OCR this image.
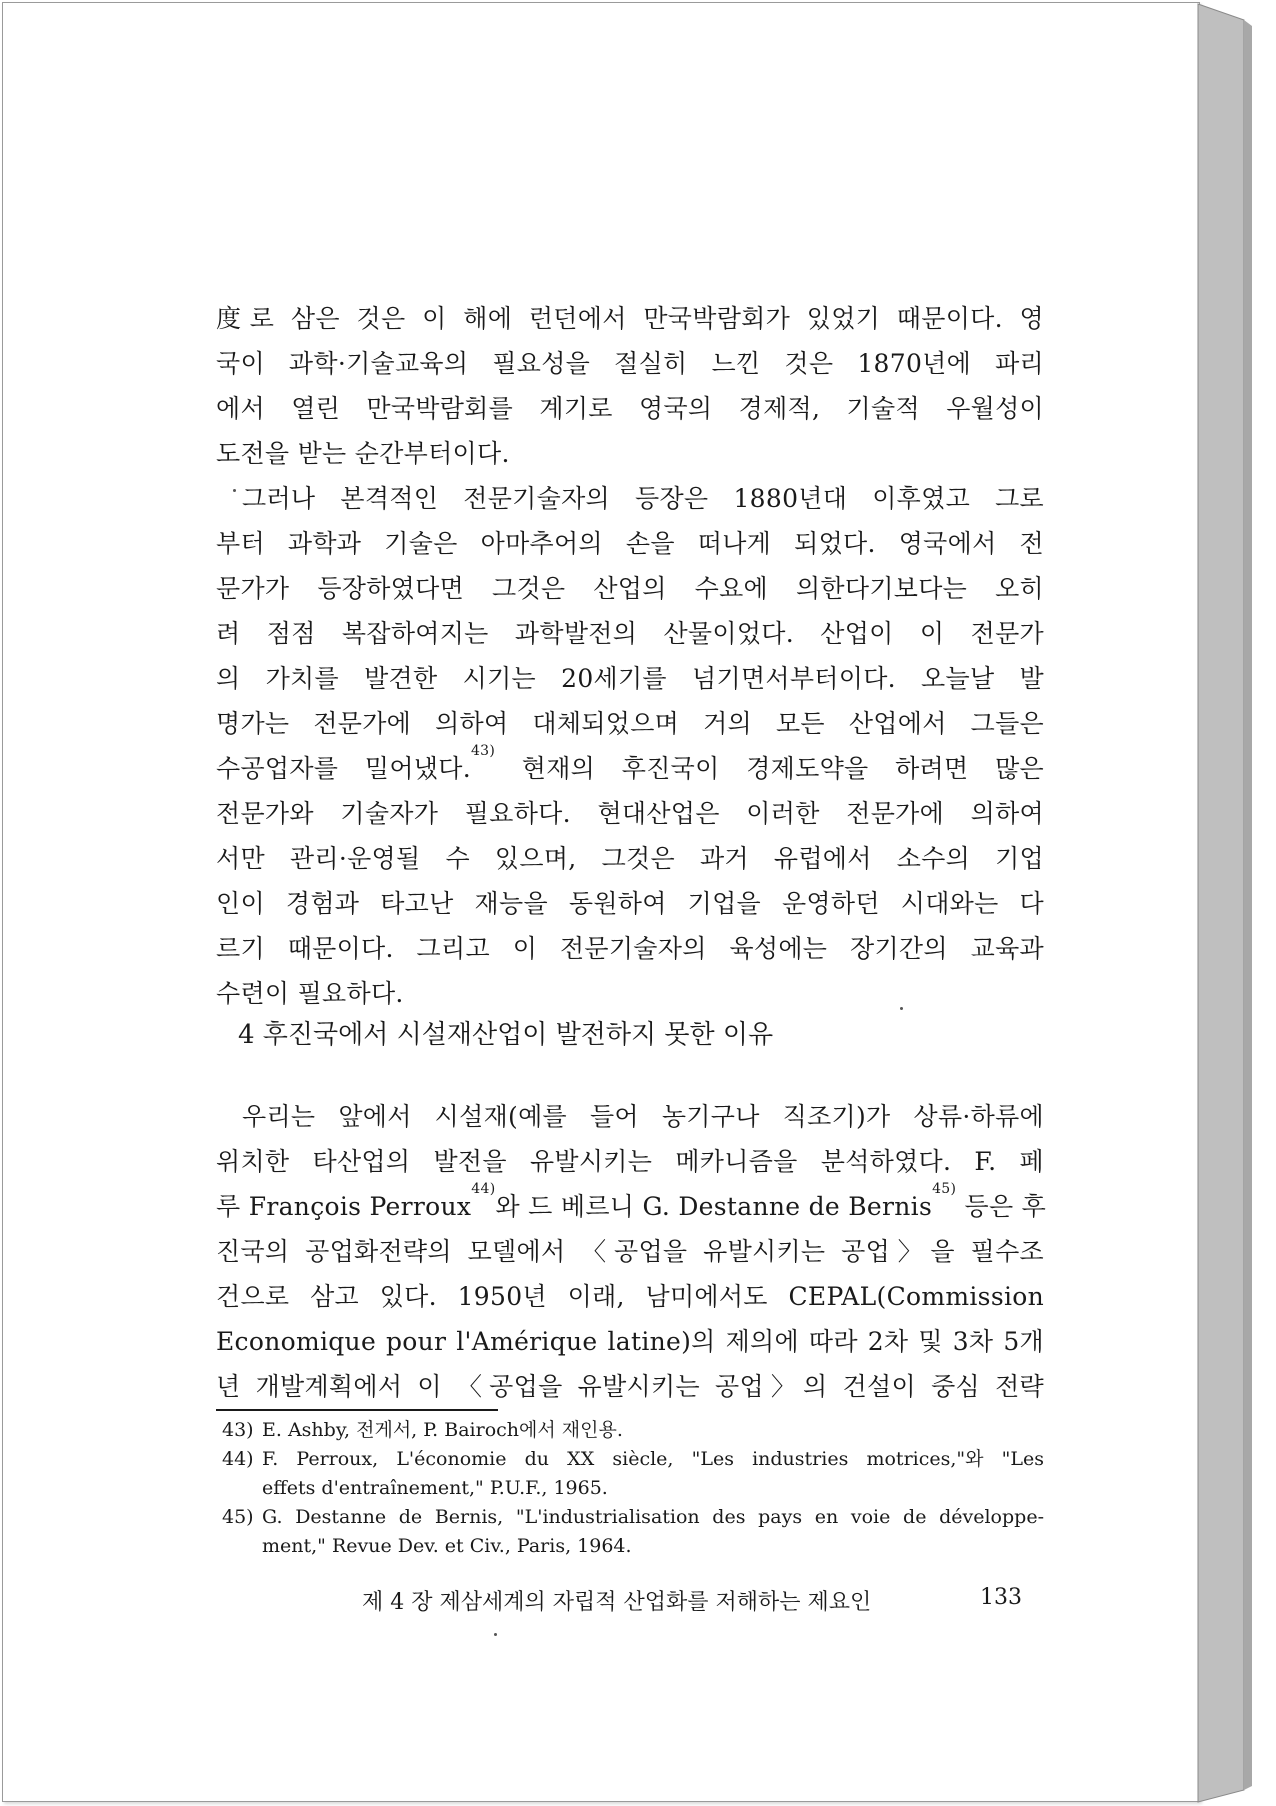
度로 삼은 것은 이 해에 런던에서 만국박람회가 있었기 때문이다. 영
국이 과학·기술교육의 필요성을 절실히 느낀 것은 1870년에 파리
에서 열린 만국박람회를 계기로 영국의 경제적, 기술적 우월성이
도전을 받는 순간부터이다.
그러나 본격적인 전문기술자의 등장은 1880년대 이후였고 그로
부터 과학과 기술은 아마추어의 손을 떠나게 되었다. 영국에서 전
문가가 등장하였다면 그것은 산업의 수요에 의한다기보다는 오히
려 점점 복잡하여지는 과학발전의 산물이었다. 산업이 이 전문가
의 가치를 발견한 시기는 20세기를 넘기면서부터이다. 오늘날 발
명가는 전문가에 의하여 대체되었으며 거의 모든 산업에서 그들은
수공업자를 밀어냈다.$^{43)}$ 현재의 후진국이 경제도약을 하려면 많은
전문가와 기술자가 필요하다. 현대산업은 이러한 전문가에 의하여
서만 관리·운영될 수 있으며, 그것은 과거 유럽에서 소수의 기업
인이 경험과 타고난 재능을 동원하여 기업을 운영하던 시대와는 다
르기 때문이다. 그리고 이 전문기술자의 육성에는 장기간의 교육과
수련이 필요하다.
4 후진국에서 시설재산업이 발전하지 못한 이유
우리는 앞에서 시설재(예를 들어 농기구나 직조기)가 상류·하류에
위치한 타산업의 발전을 유발시키는 메카니즘을 분석하였다. F. 페
루 François Perroux$^{44)}$와 드 베르니 G. Destanne de Bernis$^{45)}$ 등은 후
진국의 공업화전략의 모델에서 〈공업을 유발시키는 공업〉을 필수조
건으로 삼고 있다. 1950년 이래, 남미에서도 CEPAL(Commission
Economique pour l'Amérique latine)의 제의에 따라 2차 및 3차 5개
년 개발계획에서 이 〈공업을 유발시키는 공업〉의 건설이 중심 전략
43) E. Ashby, 전게서, P. Bairoch에서 재인용.
44) F. Perroux, L'économie du XX siècle, "Les industries motrices,"와 "Les
effets d'entraînement," P.U.F., 1965.
45) G. Destanne de Bernis, "L'industrialisation des pays en voie de développe-
ment," Revue Dev. et Civ., Paris, 1964.
제 4 장 제삼세계의 자립적 산업화를 저해하는 제요인	133
